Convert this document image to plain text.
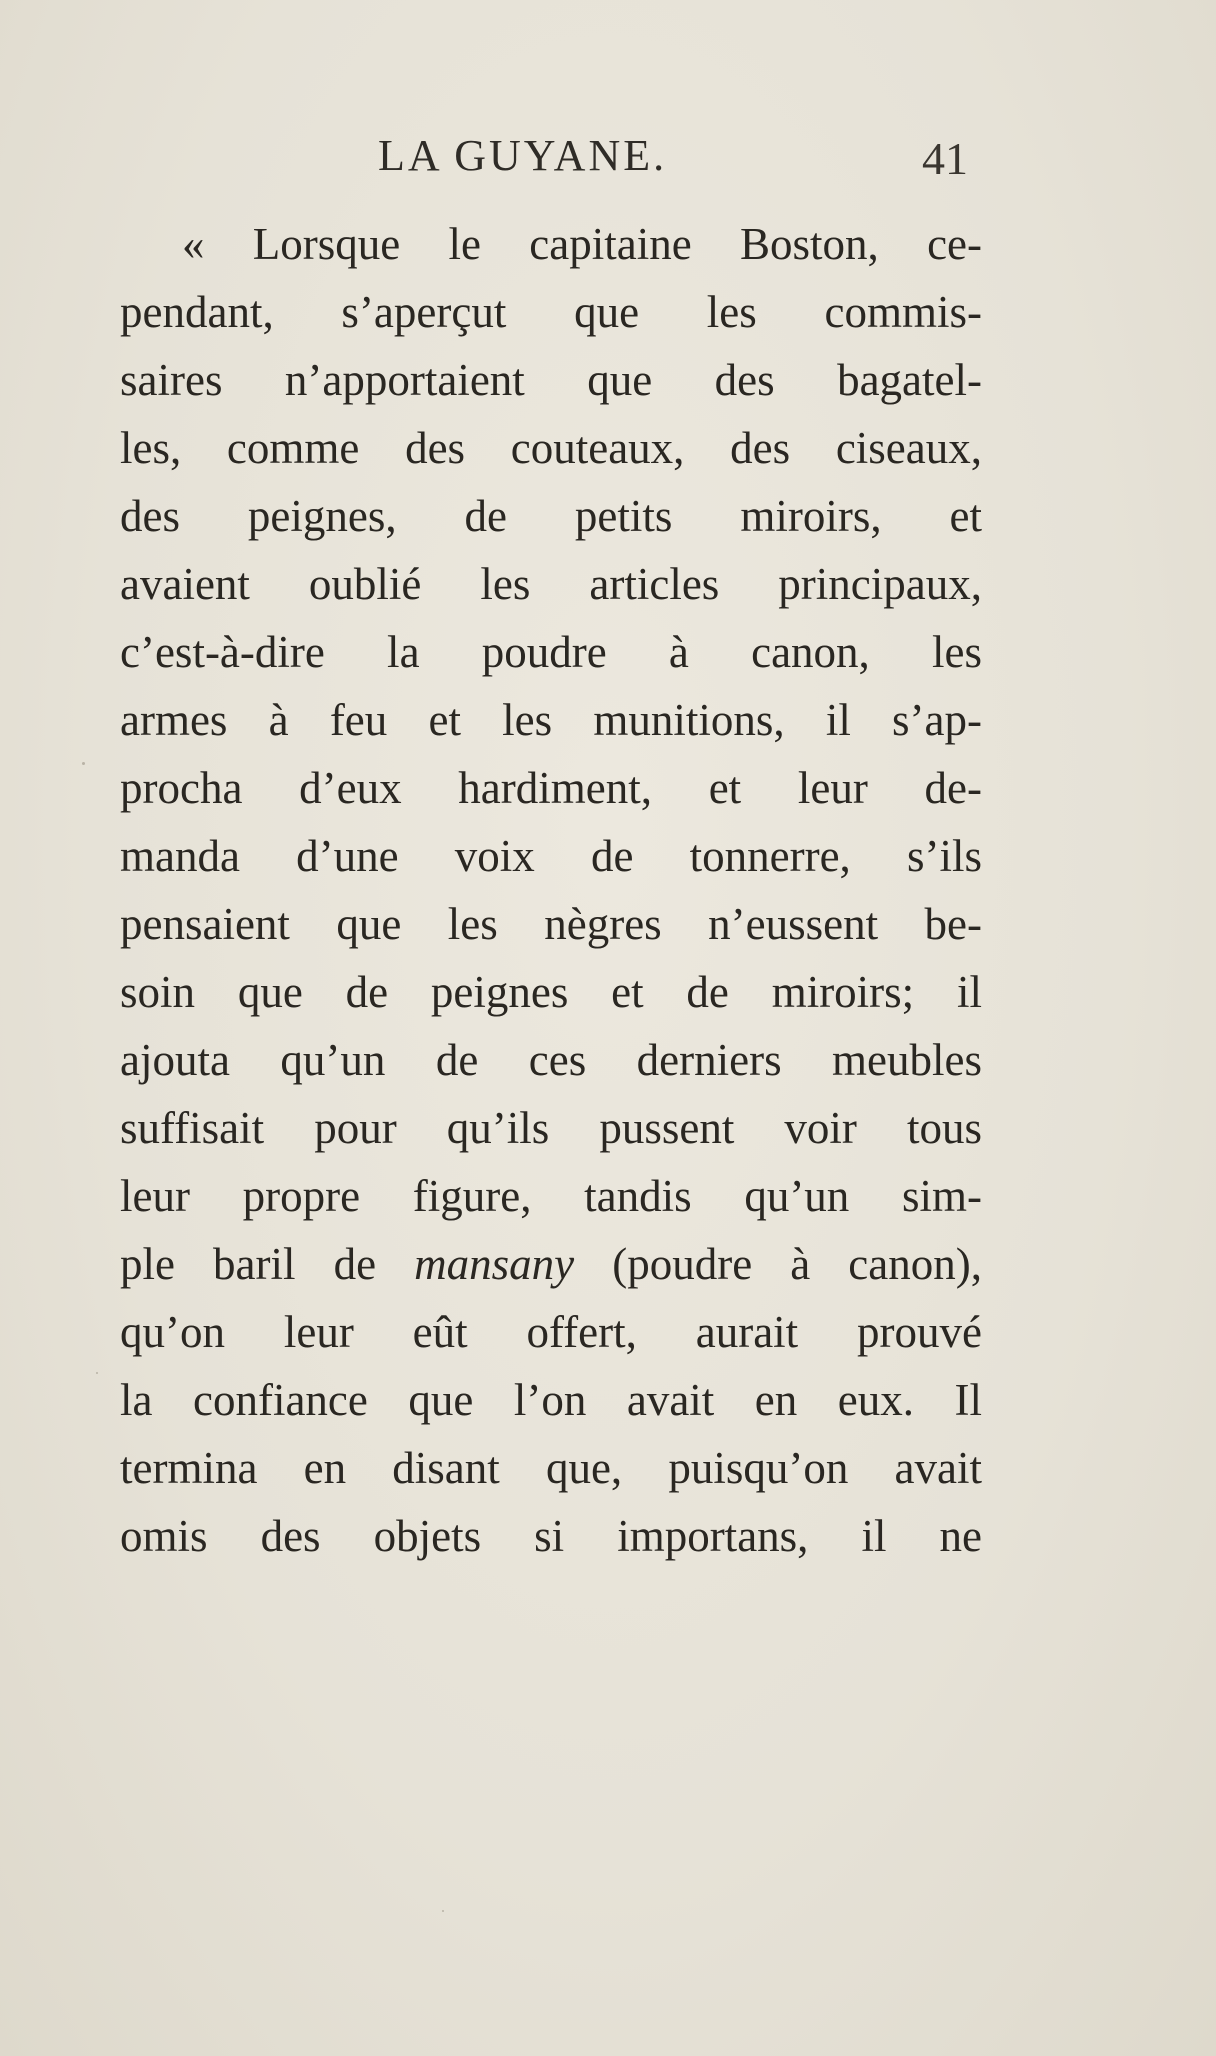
LA GUYANE.	41
« Lorsque le capitaine Boston, ce-
pendant, s’aperçut que les commis-
saires n’apportaient que des bagatel-
les, comme des couteaux, des ciseaux,
des peignes, de petits miroirs, et
avaient oublié les articles principaux,
c’est-à-dire la poudre à canon, les
armes à feu et les munitions, il s’ap-
procha d’eux hardiment, et leur de-
manda d’une voix de tonnerre, s’ils
pensaient que les nègres n’eussent be-
soin que de peignes et de miroirs; il
ajouta qu’un de ces derniers meubles
suffisait pour qu’ils pussent voir tous
leur propre figure, tandis qu’un sim-
ple baril de mansany (poudre à canon),
qu’on leur eût offert, aurait prouvé
la confiance que l’on avait en eux. Il
termina en disant que, puisqu’on avait
omis des objets si importans, il ne
